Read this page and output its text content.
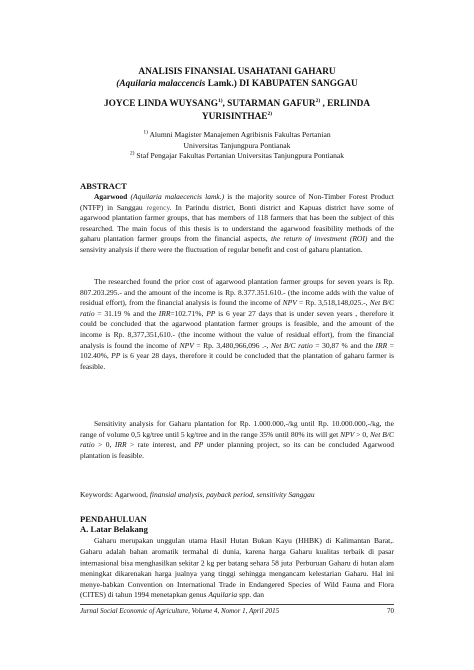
ANALISIS FINANSIAL USAHATANI GAHARU
(Aquilaria malaccencis Lamk.) DI KABUPATEN SANGGAU
JOYCE LINDA WUYSANG$^{1)}$, SUTARMAN GAFUR$^{2)}$ , ERLINDA
YURISINTHAE$^{2)}$
$^{1)}$ Alumni Magister Manajemen Agribisnis Fakultas Pertanian
Universitas Tanjungpura Pontianak
$^{2)}$ Staf Pengajar Fakultas Pertanian Universitas Tanjungpura Pontianak
ABSTRACT
Agarwood (Aquilaria malaecencis lamk.) is the majority source of Non-Timber Forest Product (NTFP) in Sanggau regency. In Parindu district, Bonti district and Kapuas district have some of agarwood plantation farmer groups, that has members of 118 farmers that has been the subject of this researched. The main focus of this thesis is to understand the agarwood feasibility methods of the gaharu plantation farmer groups from the financial aspects, the return of investment (ROI) and the sensivity analysis if there were the fluctuation of regular benefit and cost of gaharu plantation.
The researched found the prior cost of agarwood plantation farmer groups for seven years is Rp. 807.203.295.- and the amount of the income is Rp. 8.377.351.610.- (the income adds with the value of residual effort), from the financial analysis is found the income of NPV = Rp. 3,518,148,025.-, Net B/C ratio = 31.19 % and the IRR=102.71%, PP is 6 year 27 days that is under seven years , therefore it could be concluded that the agarwood plantation farmer groups is feasible, and the amount of the income is Rp. 8,377,351,610.- (the income without the value of residual effort), from the financial analysis is found the income of NPV = Rp. 3,480,966,096 .-, Net B/C ratio = 30,87 % and the IRR = 102.40%, PP is 6 year 28 days, therefore it could be concluded that the plantation of gaharu farmer is feasible.
Sensitivity analysis for Gaharu plantation for Rp. 1.000.000,-/kg until Rp. 10.000.000,-/kg, the range of volume 0,5 kg/tree until 5 kg/tree and in the range 35% until 80% its will get NPV > 0, Net B/C ratio > 0, IRR > rate interest, and PP under planning project, so its can be concluded Agarwood plantation is feasible.
Keywords: Agarwood, finansial analysis, payback period, sensitivity Sanggau
PENDAHULUAN
A. Latar Belakang
Gaharu merupakan unggulan utama Hasil Hutan Bukan Kayu (HHBK) di Kalimantan Barat,. Gaharu adalah bahan aromatik termahal di dunia, karena harga Gaharu kualitas terbaik di pasar internasional bisa menghasilkan sekitar 2 kg per batang sehara 58 juta. Perburuan Gaharu di hutan alam meningkat dikarenakan harga jualnya yang tinggi sehingga mengancam kelestarian Gaharu. Hal ini menye-babkan Convention on International Trade in Endangered Species of Wild Fauna and Flora (CITES) di tahun 1994 menetapkan genus Aquilaria spp. dan
Jurnal Social Economic of Agriculture, Volume 4, Nomor 1, April 2015	70
